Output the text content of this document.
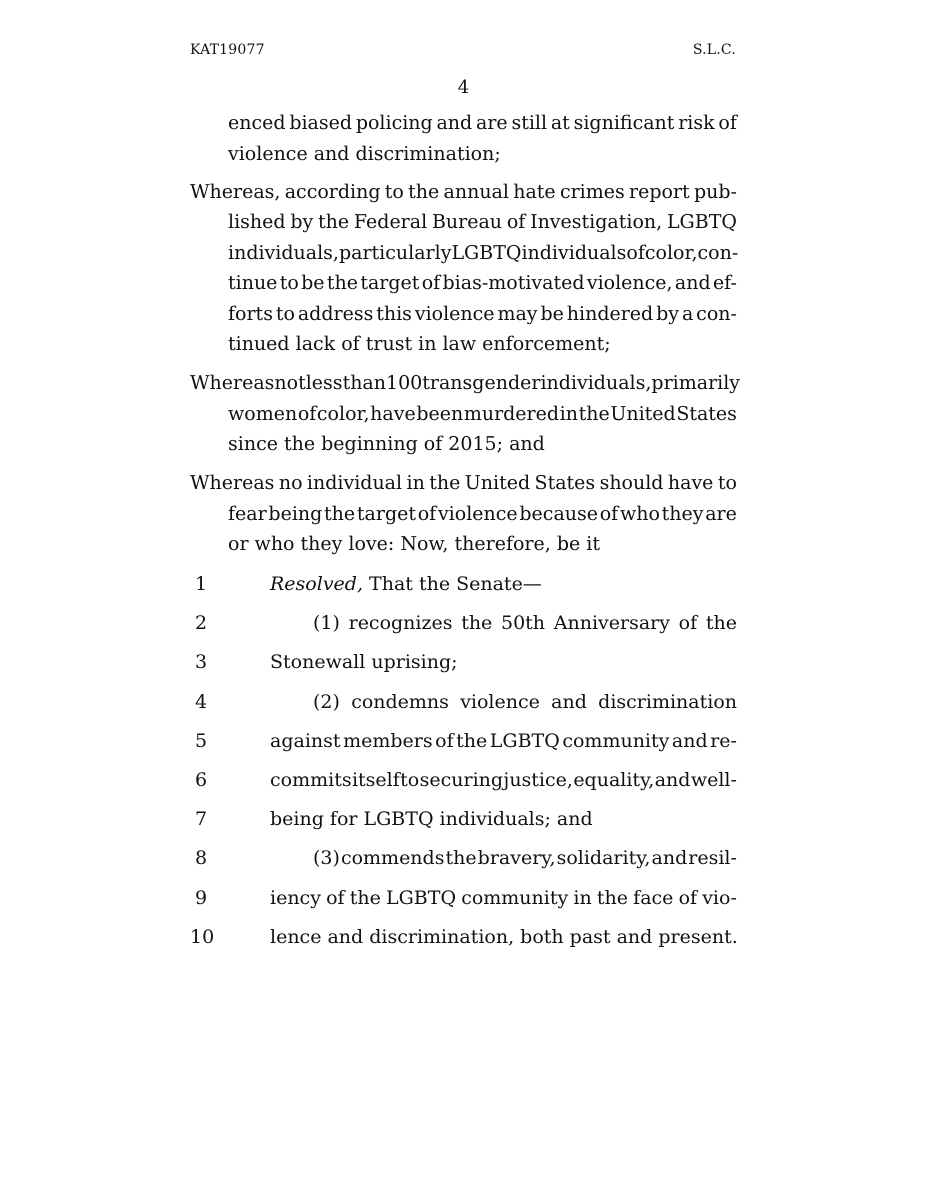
KAT19077	S.L.C.
4
enced biased policing and are still at significant risk of
violence and discrimination;
Whereas, according to the annual hate crimes report pub-
lished by the Federal Bureau of Investigation, LGBTQ
individuals, particularly LGBTQ individuals of color, con-
tinue to be the target of bias-motivated violence, and ef-
forts to address this violence may be hindered by a con-
tinued lack of trust in law enforcement;
Whereas not less than 100 transgender individuals, primarily
women of color, have been murdered in the United States
since the beginning of 2015; and
Whereas no individual in the United States should have to
fear being the target of violence because of who they are
or who they love: Now, therefore, be it
1	Resolved, That the Senate—
2	(1) recognizes the 50th Anniversary of the
3	Stonewall uprising;
4	(2) condemns violence and discrimination
5	against members of the LGBTQ community and re-
6	commits itself to securing justice, equality, and well-
7	being for LGBTQ individuals; and
8	(3) commends the bravery, solidarity, and resil-
9	iency of the LGBTQ community in the face of vio-
10	lence and discrimination, both past and present.
